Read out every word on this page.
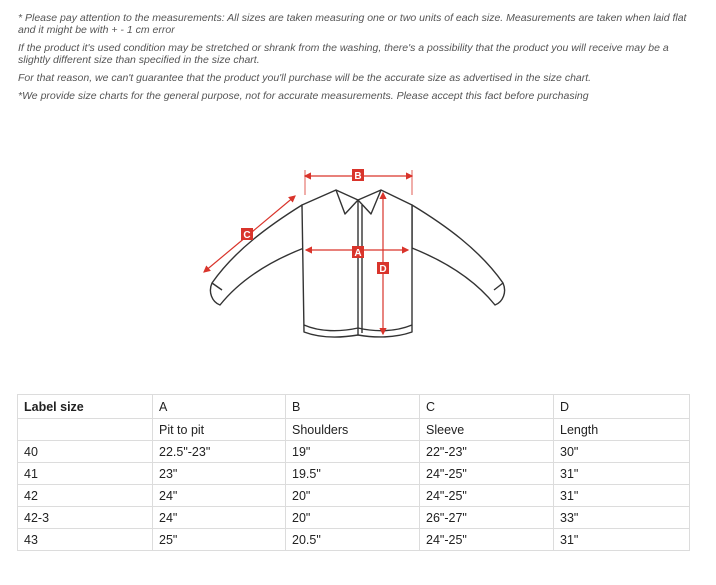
* Please pay attention to the measurements: All sizes are taken measuring one or two units of each size. Measurements are taken when laid flat and it might be with + - 1 cm error

If the product it's used condition may be stretched or shrank from the washing, there's a possibility that the product you will receive may be a slightly different size than specified in the size chart.

For that reason, we can't guarantee that the product you'll purchase will be the accurate size as advertised in the size chart.

*We provide size charts for the general purpose, not for accurate measurements. Please accept this fact before purchasing

B
C
A
D
Label size	A	B	C	D
	Pit to pit	Shoulders	Sleeve	Length
40	22.5"-23"	19"	22"-23"	30"
41	23"	19.5"	24"-25"	31"
42	24"	20"	24"-25"	31"
42-3	24"	20"	26"-27"	33"
43	25"	20.5"	24"-25"	31"
